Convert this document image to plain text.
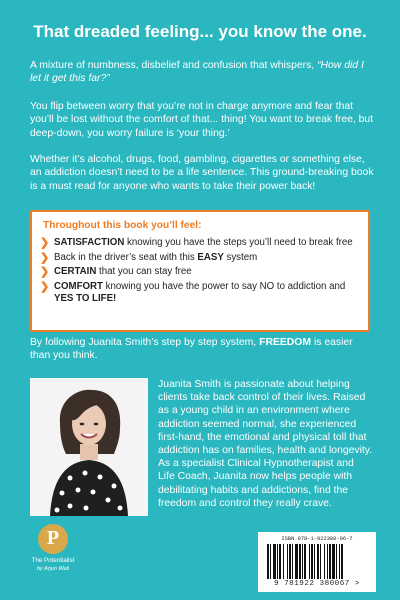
That dreaded feeling... you know the one.

A mixture of numbness, disbelief and confusion that whispers, “How did I let it get this far?”

You flip between worry that you’re not in charge anymore and fear that you’ll be lost without the comfort of that... thing! You want to break free, but deep-down, you worry failure is ‘your thing.’

Whether it’s alcohol, drugs, food, gambling, cigarettes or something else, an addiction doesn’t need to be a life sentence. This ground-breaking book is a must read for anyone who wants to take their power back!

Throughout this book you’ll feel:

❯ SATISFACTION knowing you have the steps you’ll need to break free
❯ Back in the driver’s seat with this EASY system
❯ CERTAIN that you can stay free
❯ COMFORT knowing you have the power to say NO to addiction and YES TO LIFE!

By following Juanita Smith’s step by step system, FREEDOM is easier than you think.

Juanita Smith is passionate about helping clients take back control of their lives. Raised as a young child in an environment where addiction seemed normal, she experienced first-hand, the emotional and physical toll that addiction has on families, health and longevity. As a specialist Clinical Hypnotherapist and Life Coach, Juanita now helps people with debilitating habits and addictions, find the freedom and control they really crave.

P
The Potentialist
by Arjun Wali
ISBN 978-1-922380-06-7
9 781922 380067 >
